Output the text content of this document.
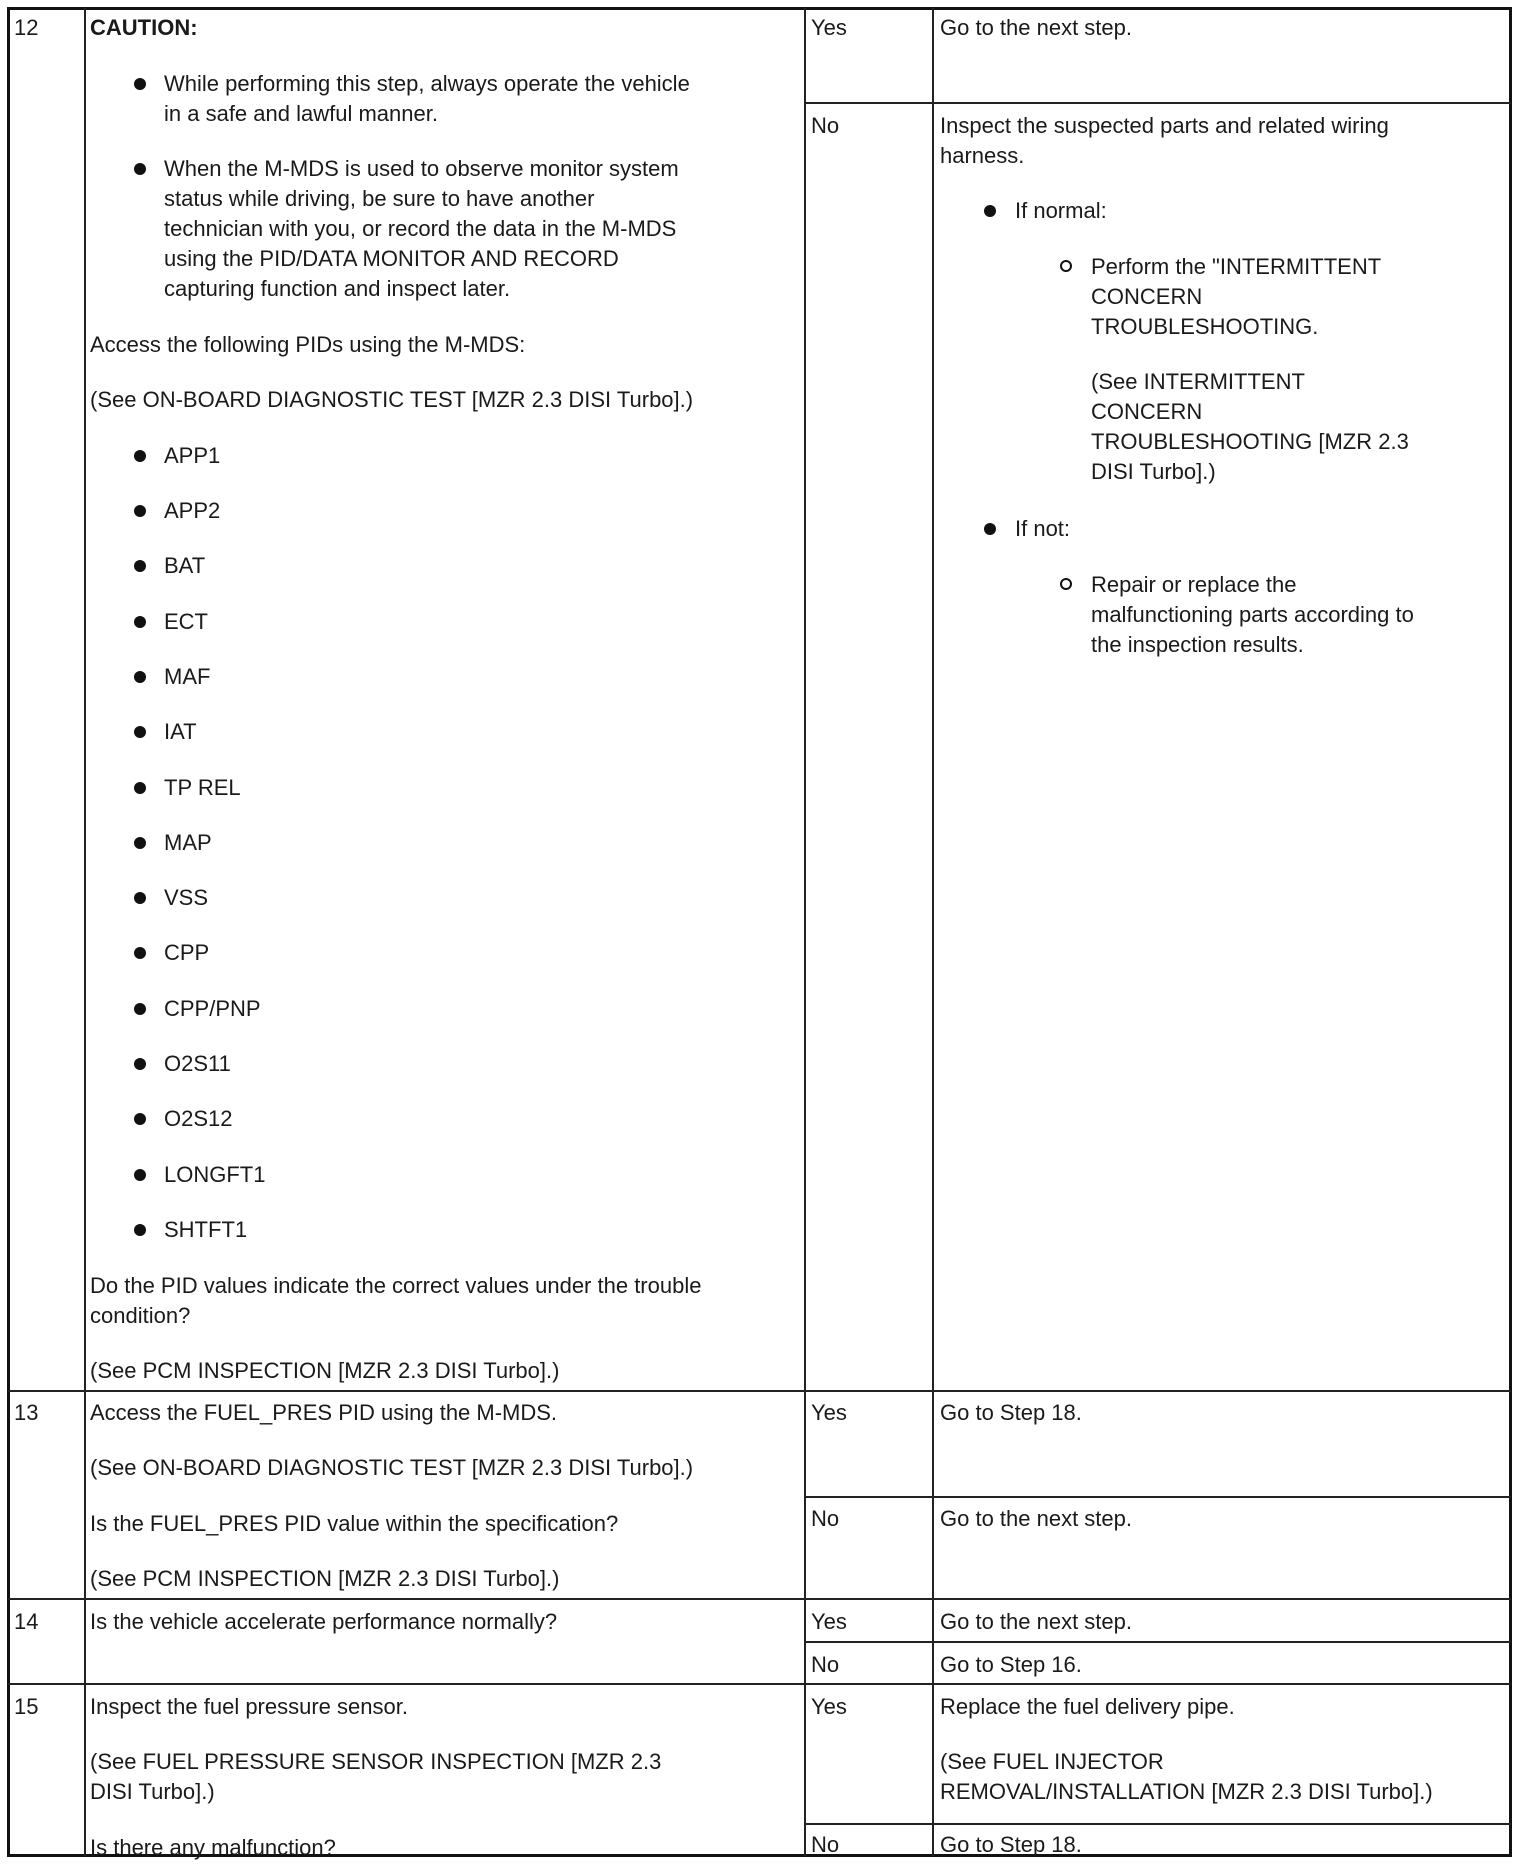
12 CAUTION:
While performing this step, always operate the vehicle
in a safe and lawful manner.
When the M-MDS is used to observe monitor system
status while driving, be sure to have another
technician with you, or record the data in the M-MDS
using the PID/DATA MONITOR AND RECORD
capturing function and inspect later.
Access the following PIDs using the M-MDS:
(See ON-BOARD DIAGNOSTIC TEST [MZR 2.3 DISI Turbo].)
APP1
APP2
BAT
ECT
MAF
IAT
TP REL
MAP
VSS
CPP
CPP/PNP
O2S11
O2S12
LONGFT1
SHTFT1
Do the PID values indicate the correct values under the trouble
condition?
(See PCM INSPECTION [MZR 2.3 DISI Turbo].)
Yes	Go to the next step.
No	Inspect the suspected parts and related wiring
harness.
If normal:
Perform the "INTERMITTENT
CONCERN
TROUBLESHOOTING.
(See INTERMITTENT
CONCERN
TROUBLESHOOTING [MZR 2.3
DISI Turbo].)
If not:
Repair or replace the
malfunctioning parts according to
the inspection results.
13 Access the FUEL_PRES PID using the M-MDS.
(See ON-BOARD DIAGNOSTIC TEST [MZR 2.3 DISI Turbo].)
Is the FUEL_PRES PID value within the specification?
(See PCM INSPECTION [MZR 2.3 DISI Turbo].)
Yes	Go to Step 18.
No	Go to the next step.
14 Is the vehicle accelerate performance normally?	Yes	Go to the next step.
No	Go to Step 16.
15 Inspect the fuel pressure sensor.
(See FUEL PRESSURE SENSOR INSPECTION [MZR 2.3
DISI Turbo].)
Is there any malfunction?
Yes	Replace the fuel delivery pipe.
(See FUEL INJECTOR
REMOVAL/INSTALLATION [MZR 2.3 DISI Turbo].)
No	Go to Step 18.
